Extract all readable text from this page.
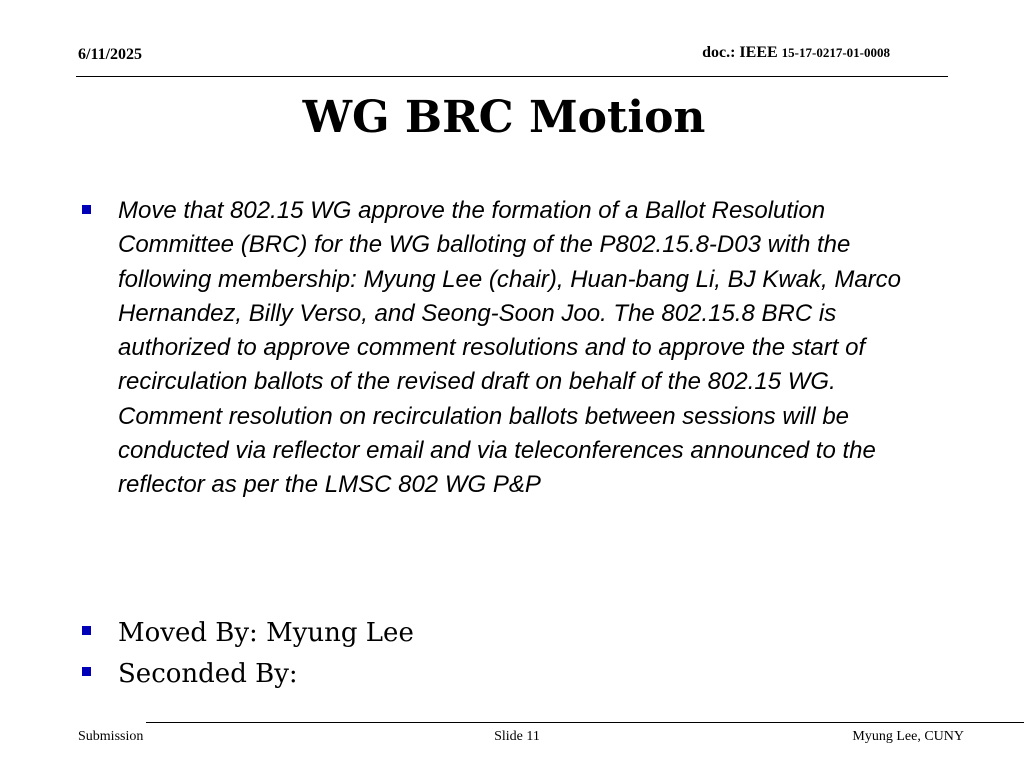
6/11/2025	doc.: IEEE 15-17-0217-01-0008
WG BRC Motion
Move that 802.15 WG approve the formation of a Ballot Resolution Committee (BRC) for the WG balloting of the P802.15.8-D03 with the following membership: Myung Lee (chair), Huan-bang Li, BJ Kwak, Marco Hernandez, Billy Verso, and Seong-Soon Joo. The 802.15.8 BRC is authorized to approve comment resolutions and to approve the start of recirculation ballots of the revised draft on behalf of the 802.15 WG. Comment resolution on recirculation ballots between sessions will be conducted via reflector email and via teleconferences announced to the reflector as per the LMSC 802 WG P&P
Moved By: Myung Lee
Seconded By:
Submission	Slide 11	Myung Lee, CUNY
